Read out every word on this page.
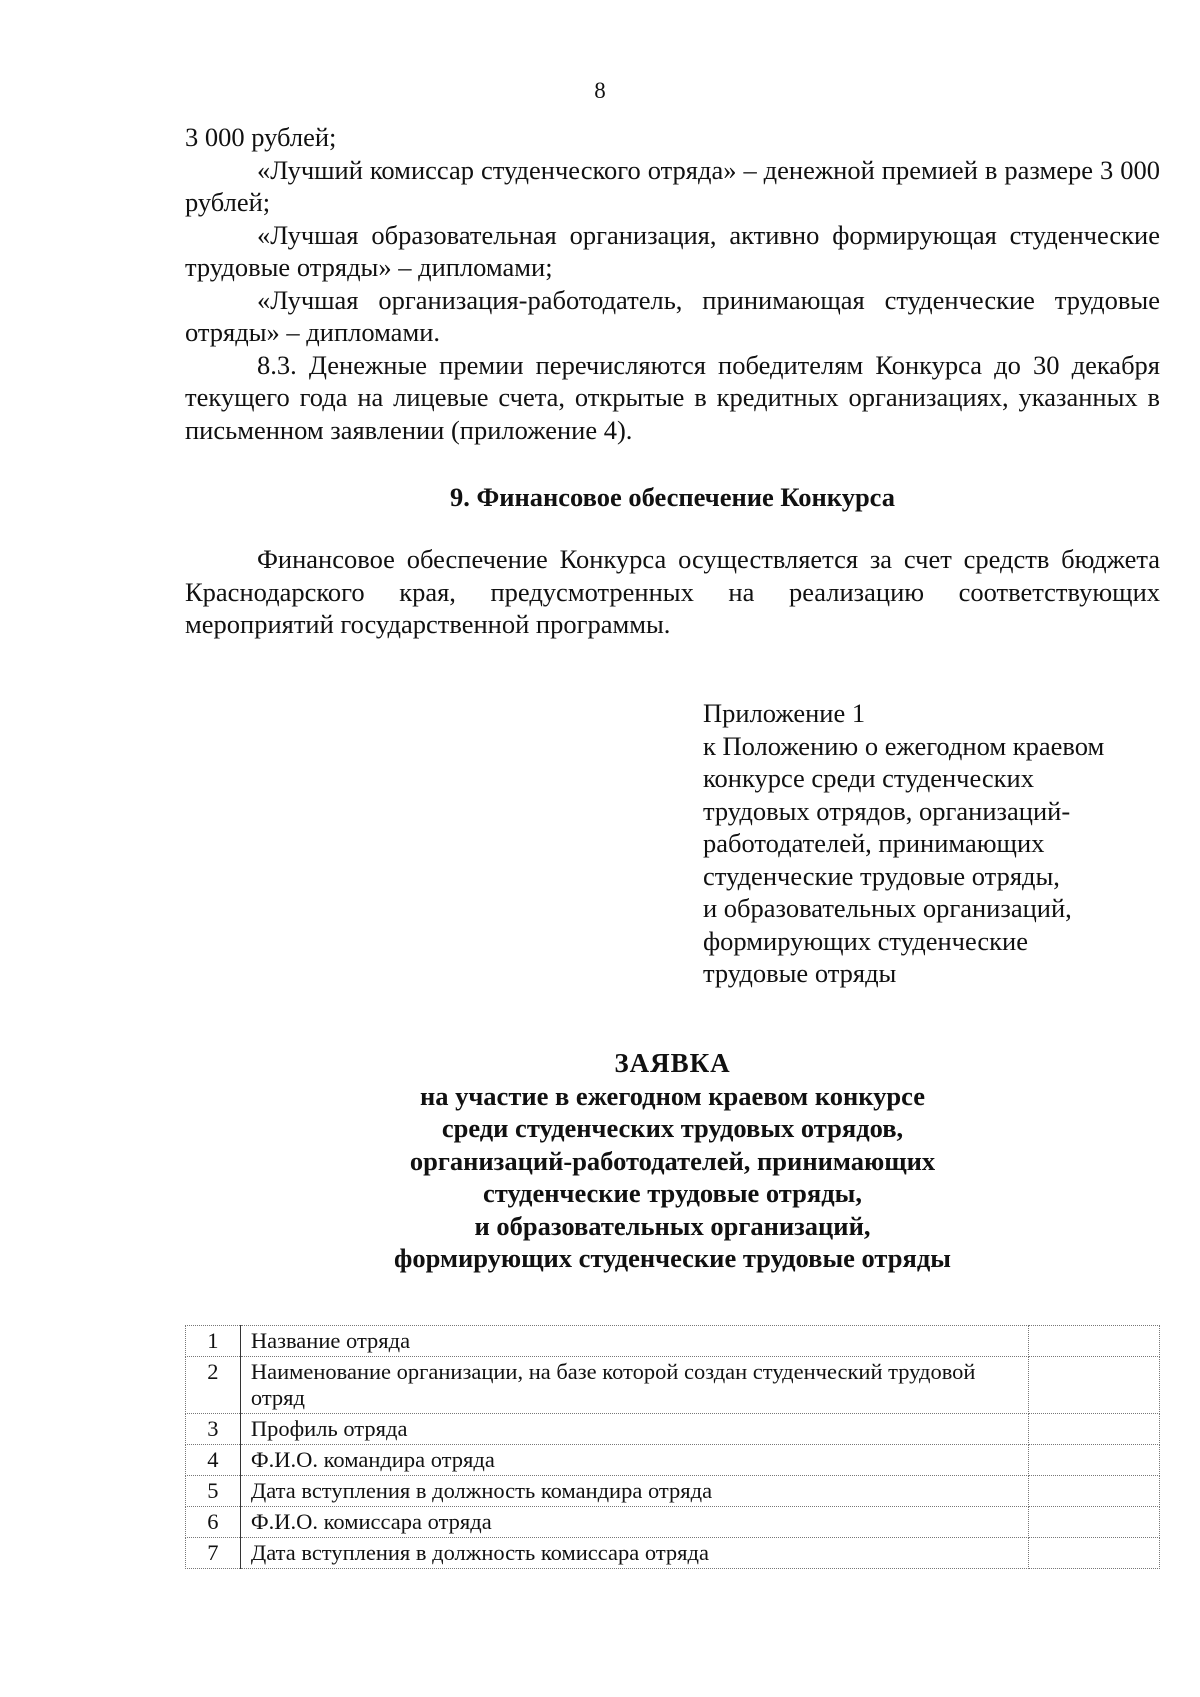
8

3 000 рублей;

«Лучший комиссар студенческого отряда» – денежной премией в размере 3 000 рублей;

«Лучшая образовательная организация, активно формирующая студенческие трудовые отряды» – дипломами;

«Лучшая организация-работодатель, принимающая студенческие трудовые отряды» – дипломами.

8.3. Денежные премии перечисляются победителям Конкурса до 30 декабря текущего года на лицевые счета, открытые в кредитных организациях, указанных в письменном заявлении (приложение 4).

9. Финансовое обеспечение Конкурса

Финансовое обеспечение Конкурса осуществляется за счет средств бюджета Краснодарского края, предусмотренных на реализацию соответствующих мероприятий государственной программы.

Приложение 1
к Положению о ежегодном краевом
конкурсе среди студенческих
трудовых отрядов, организаций-
работодателей, принимающих
студенческие трудовые отряды,
и образовательных организаций,
формирующих студенческие
трудовые отряды
ЗАЯВКА
на участие в ежегодном краевом конкурсе
среди студенческих трудовых отрядов,
организаций-работодателей, принимающих
студенческие трудовые отряды,
и образовательных организаций,
формирующих студенческие трудовые отряды
1	Название отряда	
2	Наименование организации, на базе которой создан студенческий трудовой отряд	
3	Профиль отряда	
4	Ф.И.О. командира отряда	
5	Дата вступления в должность командира отряда	
6	Ф.И.О. комиссара отряда	
7	Дата вступления в должность комиссара отряда	
